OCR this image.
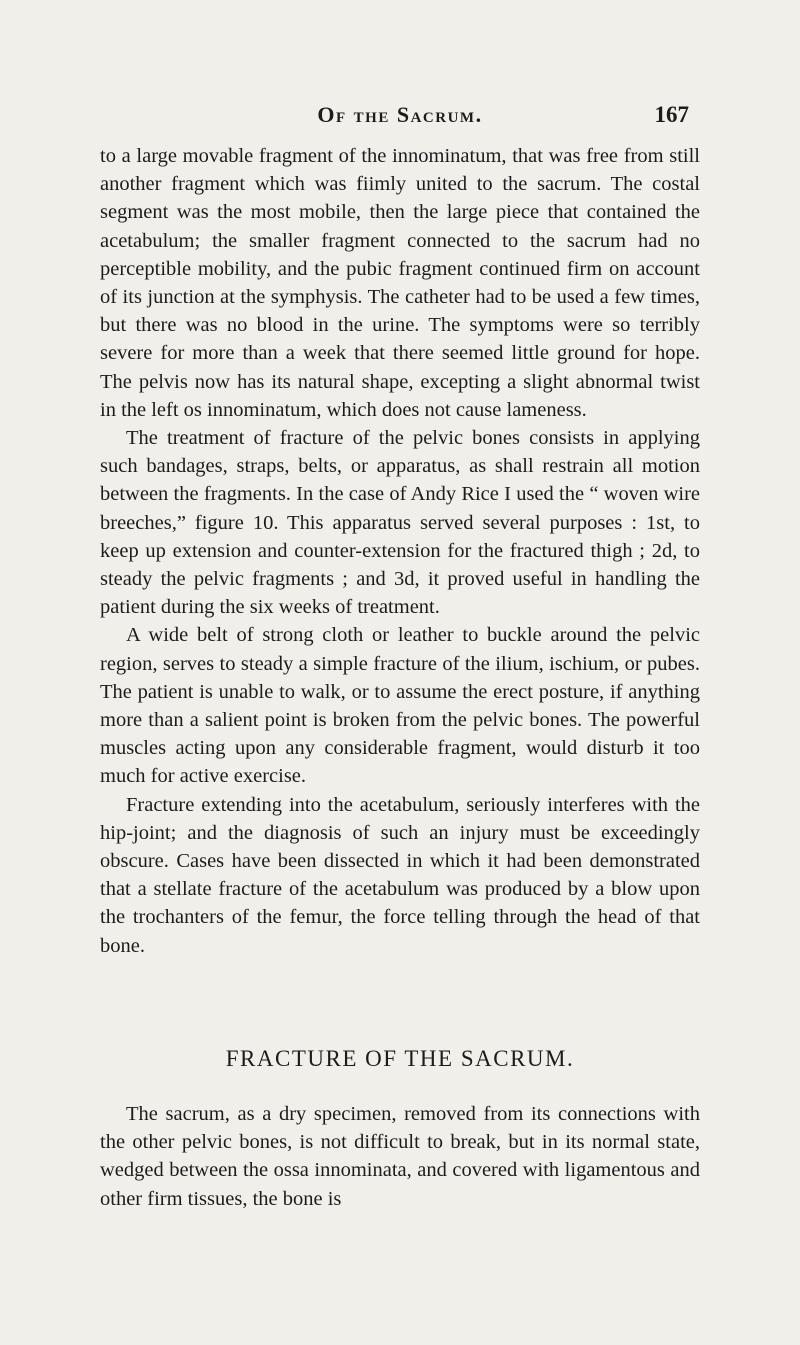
Of the Sacrum.	167

to a large movable fragment of the innominatum, that was free from still another fragment which was fiimly united to the sacrum. The costal segment was the most mobile, then the large piece that contained the acetabulum; the smaller fragment connected to the sacrum had no perceptible mobility, and the pubic fragment continued firm on account of its junction at the symphysis. The catheter had to be used a few times, but there was no blood in the urine. The symptoms were so terribly severe for more than a week that there seemed little ground for hope. The pelvis now has its natural shape, excepting a slight abnormal twist in the left os innominatum, which does not cause lameness.

The treatment of fracture of the pelvic bones consists in applying such bandages, straps, belts, or apparatus, as shall restrain all motion between the fragments. In the case of Andy Rice I used the “ woven wire breeches,” figure 10. This apparatus served several purposes : 1st, to keep up extension and counter-extension for the fractured thigh ; 2d, to steady the pelvic fragments ; and 3d, it proved useful in handling the patient during the six weeks of treatment.

A wide belt of strong cloth or leather to buckle around the pelvic region, serves to steady a simple fracture of the ilium, ischium, or pubes. The patient is unable to walk, or to assume the erect posture, if anything more than a salient point is broken from the pelvic bones. The powerful muscles acting upon any considerable fragment, would disturb it too much for active exercise.

Fracture extending into the acetabulum, seriously interferes with the hip-joint; and the diagnosis of such an injury must be exceedingly obscure. Cases have been dissected in which it had been demonstrated that a stellate fracture of the acetabulum was produced by a blow upon the trochanters of the femur, the force telling through the head of that bone.

FRACTURE OF THE SACRUM.

The sacrum, as a dry specimen, removed from its connections with the other pelvic bones, is not difficult to break, but in its normal state, wedged between the ossa innominata, and covered with ligamentous and other firm tissues, the bone is
